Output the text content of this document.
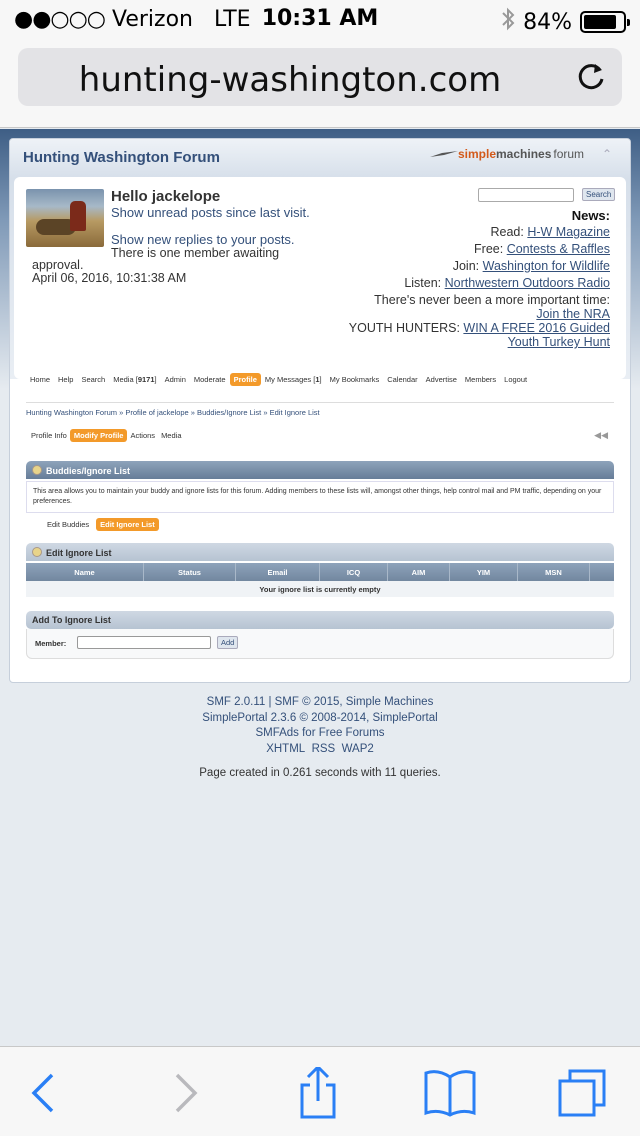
●●○○○ Verizon LTE 10:31 AM	84%
hunting-washington.com
Hunting Washington Forum	simple machines forum ⌃
Hello jackelope
Show unread posts since last visit.
Show new replies to your posts.
There is one member awaiting
approval.
April 06, 2016, 10:31:38 AM
Search
News:
Read: H-W Magazine
Free: Contests & Raffles
Join: Washington for Wildlife
Listen: Northwestern Outdoors Radio
There's never been a more important time:
Join the NRA
YOUTH HUNTERS: WIN A FREE 2016 Guided
Youth Turkey Hunt
Home	Help	Search	Media [9171]	Admin	Moderate	Profile	My Messages [1]	My Bookmarks	Calendar	Advertise	Members	Logout
Hunting Washington Forum » Profile of jackelope » Buddies/Ignore List » Edit Ignore List
Profile Info Modify Profile Actions Media	◀◀
Buddies/Ignore List
This area allows you to maintain your buddy and ignore lists for this forum. Adding members to these lists will, amongst other things, help control mail and PM traffic, depending on your preferences.
Edit Buddies	Edit Ignore List
Edit Ignore List
Name	Status	Email	ICQ	AIM	YIM	MSN
Your ignore list is currently empty
Add To Ignore List
Member:	Add
SMF 2.0.11 | SMF © 2015, Simple Machines
SimplePortal 2.3.6 © 2008-2014, SimplePortal
SMFAds for Free Forums
XHTML RSS WAP2
Page created in 0.261 seconds with 11 queries.
